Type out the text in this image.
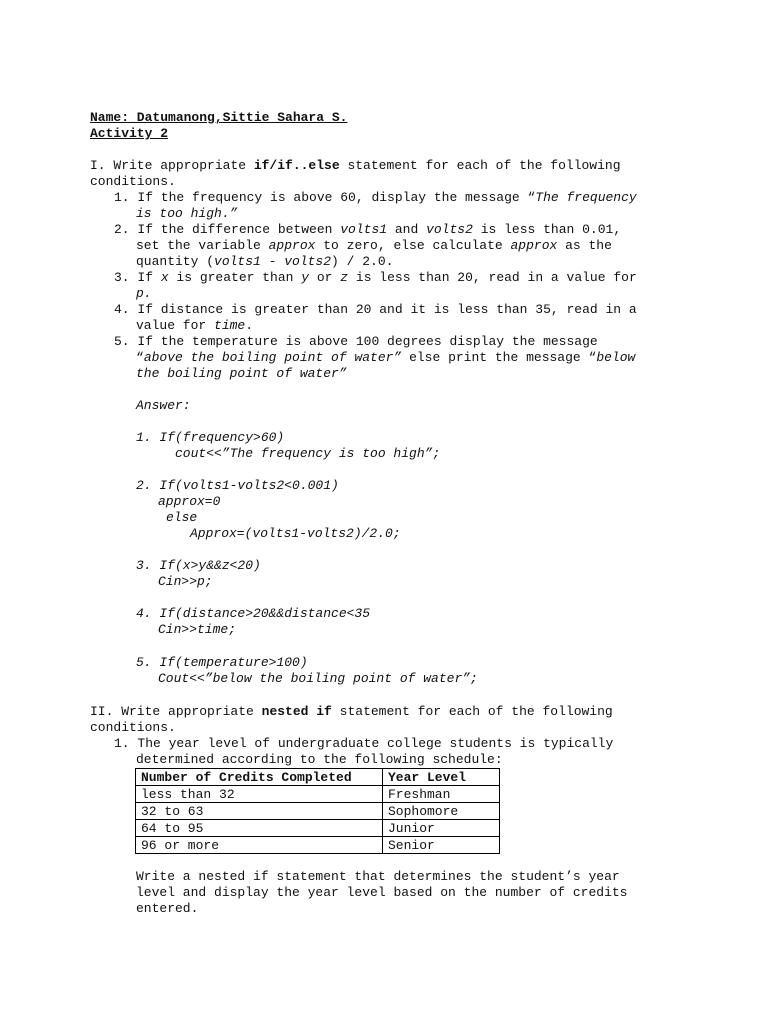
Name: Datumanong,Sittie Sahara S.
Activity 2
I. Write appropriate if/if..else statement for each of the following
conditions.
1. If the frequency is above 60, display the message “The frequency
is too high.”
2. If the difference between volts1 and volts2 is less than 0.01,
set the variable approx to zero, else calculate approx as the
quantity (volts1 - volts2) / 2.0.
3. If x is greater than y or z is less than 20, read in a value for
p.
4. If distance is greater than 20 and it is less than 35, read in a
value for time.
5. If the temperature is above 100 degrees display the message
“above the boiling point of water” else print the message “below
the boiling point of water”
Answer:
1. If(frequency>60)
cout<<”The frequency is too high”;
2. If(volts1-volts2<0.001)
approx=0
else
Approx=(volts1-volts2)/2.0;
3. If(x>y&&z<20)
Cin>>p;
4. If(distance>20&&distance<35
Cin>>time;
5. If(temperature>100)
Cout<<”below the boiling point of water”;
II. Write appropriate nested if statement for each of the following
conditions.
1. The year level of undergraduate college students is typically
determined according to the following schedule:
Number of Credits Completed	Year Level
less than 32	Freshman
32 to 63	Sophomore
64 to 95	Junior
96 or more	Senior
Write a nested if statement that determines the student’s year
level and display the year level based on the number of credits
entered.
